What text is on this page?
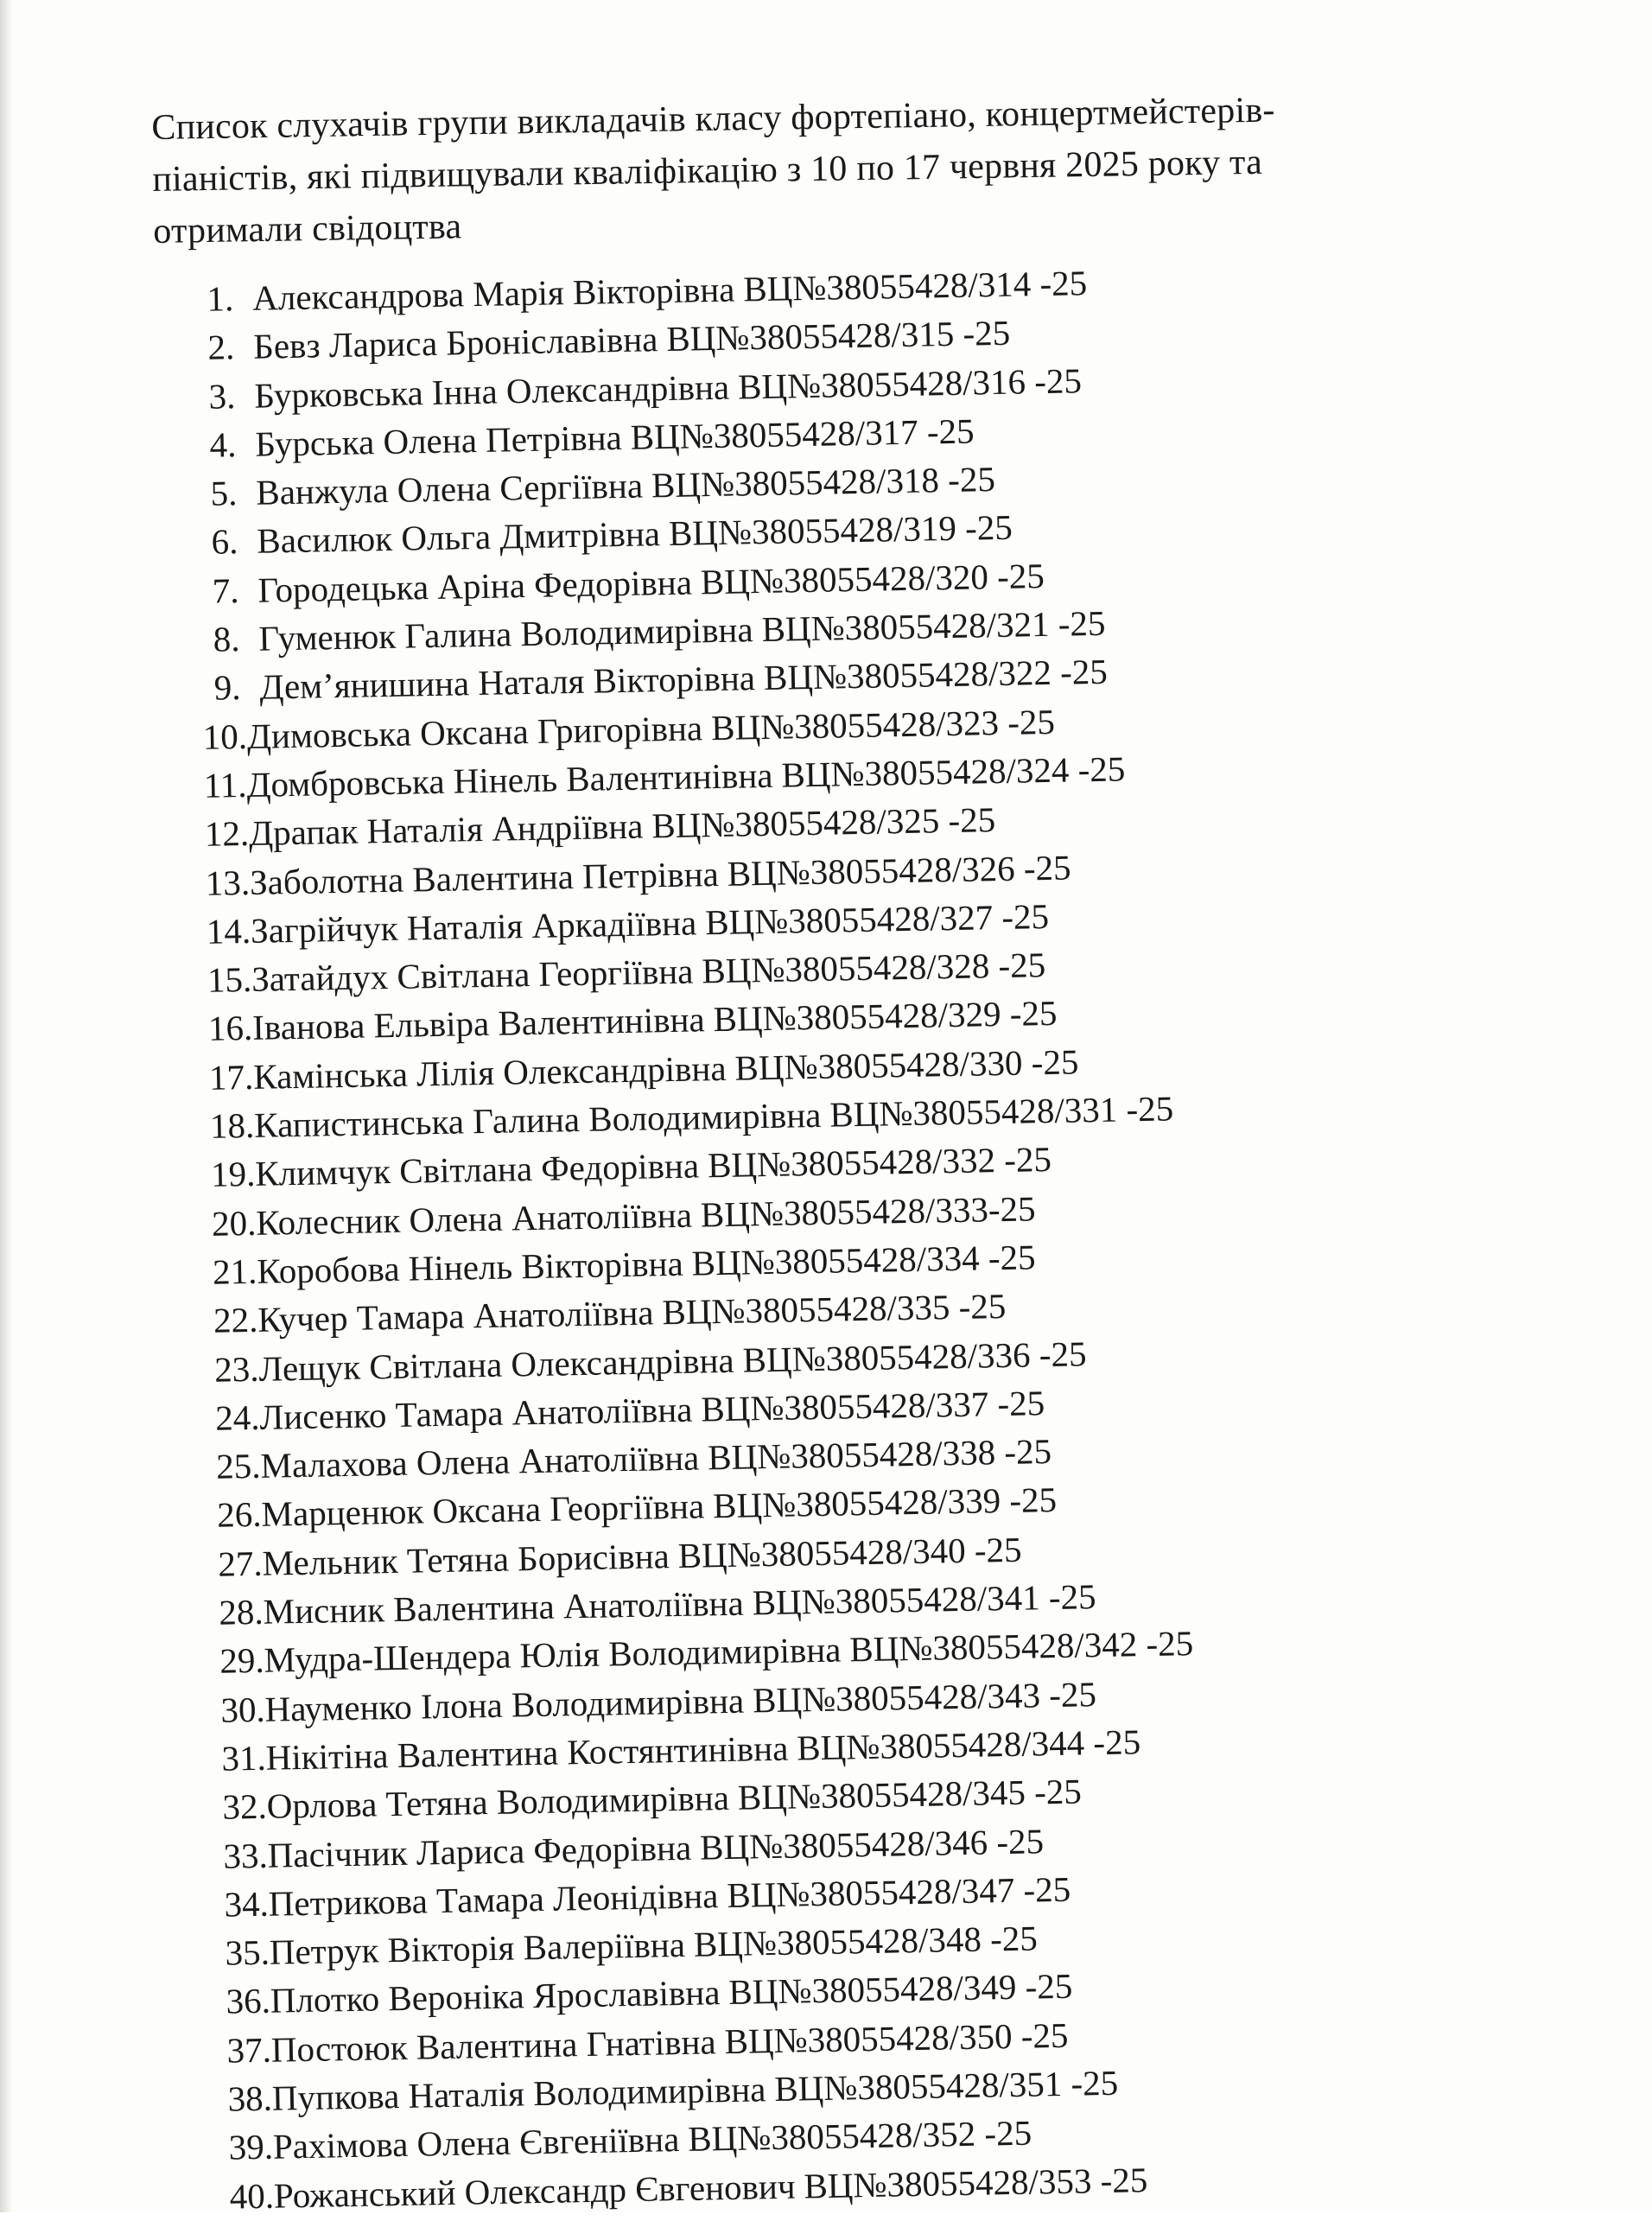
Список слухачів групи викладачів класу фортепіано, концертмейстерів-
піаністів, які підвищували кваліфікацію з 10 по 17 червня 2025 року та
отримали свідоцтва
1. Александрова Марія Вікторівна ВЦ№38055428/314 -25
2. Бевз Лариса Броніславівна ВЦ№38055428/315 -25
3. Бурковська Інна Олександрівна ВЦ№38055428/316 -25
4. Бурська Олена Петрівна ВЦ№38055428/317 -25
5. Ванжула Олена Сергіївна ВЦ№38055428/318 -25
6. Василюк Ольга Дмитрівна ВЦ№38055428/319 -25
7. Городецька Аріна Федорівна ВЦ№38055428/320 -25
8. Гуменюк Галина Володимирівна ВЦ№38055428/321 -25
9. Дем’янишина Наталя Вікторівна ВЦ№38055428/322 -25
10.Димовська Оксана Григорівна ВЦ№38055428/323 -25
11.Домбровська Нінель Валентинівна ВЦ№38055428/324 -25
12.Драпак Наталія Андріївна ВЦ№38055428/325 -25
13.Заболотна Валентина Петрівна ВЦ№38055428/326 -25
14.Загрійчук Наталія Аркадіївна ВЦ№38055428/327 -25
15.Затайдух Світлана Георгіївна ВЦ№38055428/328 -25
16.Іванова Ельвіра Валентинівна ВЦ№38055428/329 -25
17.Камінська Лілія Олександрівна ВЦ№38055428/330 -25
18.Капистинська Галина Володимирівна ВЦ№38055428/331 -25
19.Климчук Світлана Федорівна ВЦ№38055428/332 -25
20.Колесник Олена Анатоліївна ВЦ№38055428/333-25
21.Коробова Нінель Вікторівна ВЦ№38055428/334 -25
22.Кучер Тамара Анатоліївна ВЦ№38055428/335 -25
23.Лещук Світлана Олександрівна ВЦ№38055428/336 -25
24.Лисенко Тамара Анатоліївна ВЦ№38055428/337 -25
25.Малахова Олена Анатоліївна ВЦ№38055428/338 -25
26.Марценюк Оксана Георгіївна ВЦ№38055428/339 -25
27.Мельник Тетяна Борисівна ВЦ№38055428/340 -25
28.Мисник Валентина Анатоліївна ВЦ№38055428/341 -25
29.Мудра-Шендера Юлія Володимирівна ВЦ№38055428/342 -25
30.Науменко Ілона Володимирівна ВЦ№38055428/343 -25
31.Нікітіна Валентина Костянтинівна ВЦ№38055428/344 -25
32.Орлова Тетяна Володимирівна ВЦ№38055428/345 -25
33.Пасічник Лариса Федорівна ВЦ№38055428/346 -25
34.Петрикова Тамара Леонідівна ВЦ№38055428/347 -25
35.Петрук Вікторія Валеріївна ВЦ№38055428/348 -25
36.Плотко Вероніка Ярославівна ВЦ№38055428/349 -25
37.Постоюк Валентина Гнатівна ВЦ№38055428/350 -25
38.Пупкова Наталія Володимирівна ВЦ№38055428/351 -25
39.Рахімова Олена Євгеніївна ВЦ№38055428/352 -25
40.Рожанський Олександр Євгенович ВЦ№38055428/353 -25
